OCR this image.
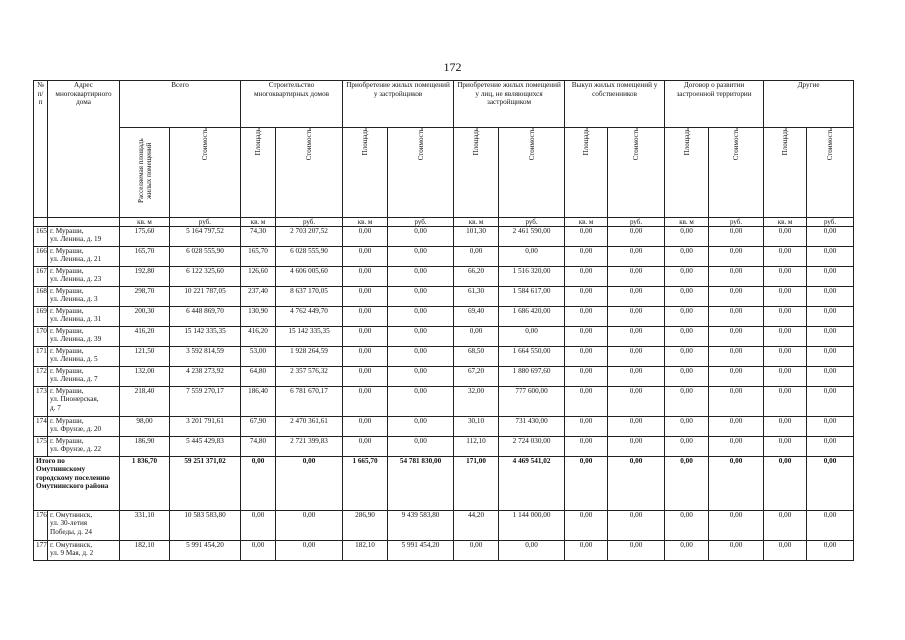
172
№ п/п	Адрес многоквартирного дома	Всего		Строительство многоквартирных домов		Приобретение жилых помещений у застройщиков		Приобретение жилых помещений у лиц, не являющихся застройщиком		Выкуп жилых помещений у собственников		Договор о развитии застроенной территории		Другие	
		Расселяемая площадь жилых помещений	Стоимость	Площадь	Стоимость	Площадь	Стоимость	Площадь	Стоимость	Площадь	Стоимость	Площадь	Стоимость	Площадь	Стоимость
		кв. м	руб.	кв. м	руб.	кв. м	руб.	кв. м	руб.	кв. м	руб.	кв. м	руб.	кв. м	руб.
165	г. Мураши,
ул. Ленина, д. 19	175,60	5 164 797,52	74,30	2 703 207,52	0,00	0,00	101,30	2 461 590,00	0,00	0,00	0,00	0,00	0,00	0,00
166	г. Мураши,
ул. Ленина, д. 21	165,70	6 028 555,90	165,70	6 028 555,90	0,00	0,00	0,00	0,00	0,00	0,00	0,00	0,00	0,00	0,00
167	г. Мураши,
ул. Ленина, д. 23	192,80	6 122 325,60	126,60	4 606 005,60	0,00	0,00	66,20	1 516 320,00	0,00	0,00	0,00	0,00	0,00	0,00
168	г. Мураши,
ул. Ленина, д. 3	298,70	10 221 787,05	237,40	8 637 170,05	0,00	0,00	61,30	1 584 617,00	0,00	0,00	0,00	0,00	0,00	0,00
169	г. Мураши,
ул. Ленина, д. 31	200,30	6 448 869,70	130,90	4 762 449,70	0,00	0,00	69,40	1 686 420,00	0,00	0,00	0,00	0,00	0,00	0,00
170	г. Мураши,
ул. Ленина, д. 39	416,20	15 142 335,35	416,20	15 142 335,35	0,00	0,00	0,00	0,00	0,00	0,00	0,00	0,00	0,00	0,00
171	г. Мураши,
ул. Ленина, д. 5	121,50	3 592 814,59	53,00	1 928 264,59	0,00	0,00	68,50	1 664 550,00	0,00	0,00	0,00	0,00	0,00	0,00
172	г. Мураши,
ул. Ленина, д. 7	132,00	4 238 273,92	64,80	2 357 576,32	0,00	0,00	67,20	1 880 697,60	0,00	0,00	0,00	0,00	0,00	0,00
173	г. Мураши,
ул. Пионерская,
д. 7	218,40	7 559 270,17	186,40	6 781 670,17	0,00	0,00	32,00	777 600,00	0,00	0,00	0,00	0,00	0,00	0,00
174	г. Мураши,
ул. Фрунзе, д. 20	98,00	3 201 791,61	67,90	2 470 361,61	0,00	0,00	30,10	731 430,00	0,00	0,00	0,00	0,00	0,00	0,00
175	г. Мураши,
ул. Фрунзе, д. 22	186,90	5 445 429,83	74,80	2 721 399,83	0,00	0,00	112,10	2 724 030,00	0,00	0,00	0,00	0,00	0,00	0,00

Итого по
Омутнинскому
городскому поселению
Омутнинского района		1 836,70	59 251 371,02	0,00	0,00	1 665,70	54 781 830,00	171,00	4 469 541,02	0,00	0,00	0,00	0,00	0,00	0,00
176	г. Омутнинск,
ул. 30-летия
Победы, д. 24	331,10	10 583 583,80	0,00	0,00	286,90	9 439 583,80	44,20	1 144 000,00	0,00	0,00	0,00	0,00	0,00	0,00
177	г. Омутнинск,
ул. 9 Мая, д. 2	182,10	5 991 454,20	0,00	0,00	182,10	5 991 454,20	0,00	0,00	0,00	0,00	0,00	0,00	0,00	0,00
